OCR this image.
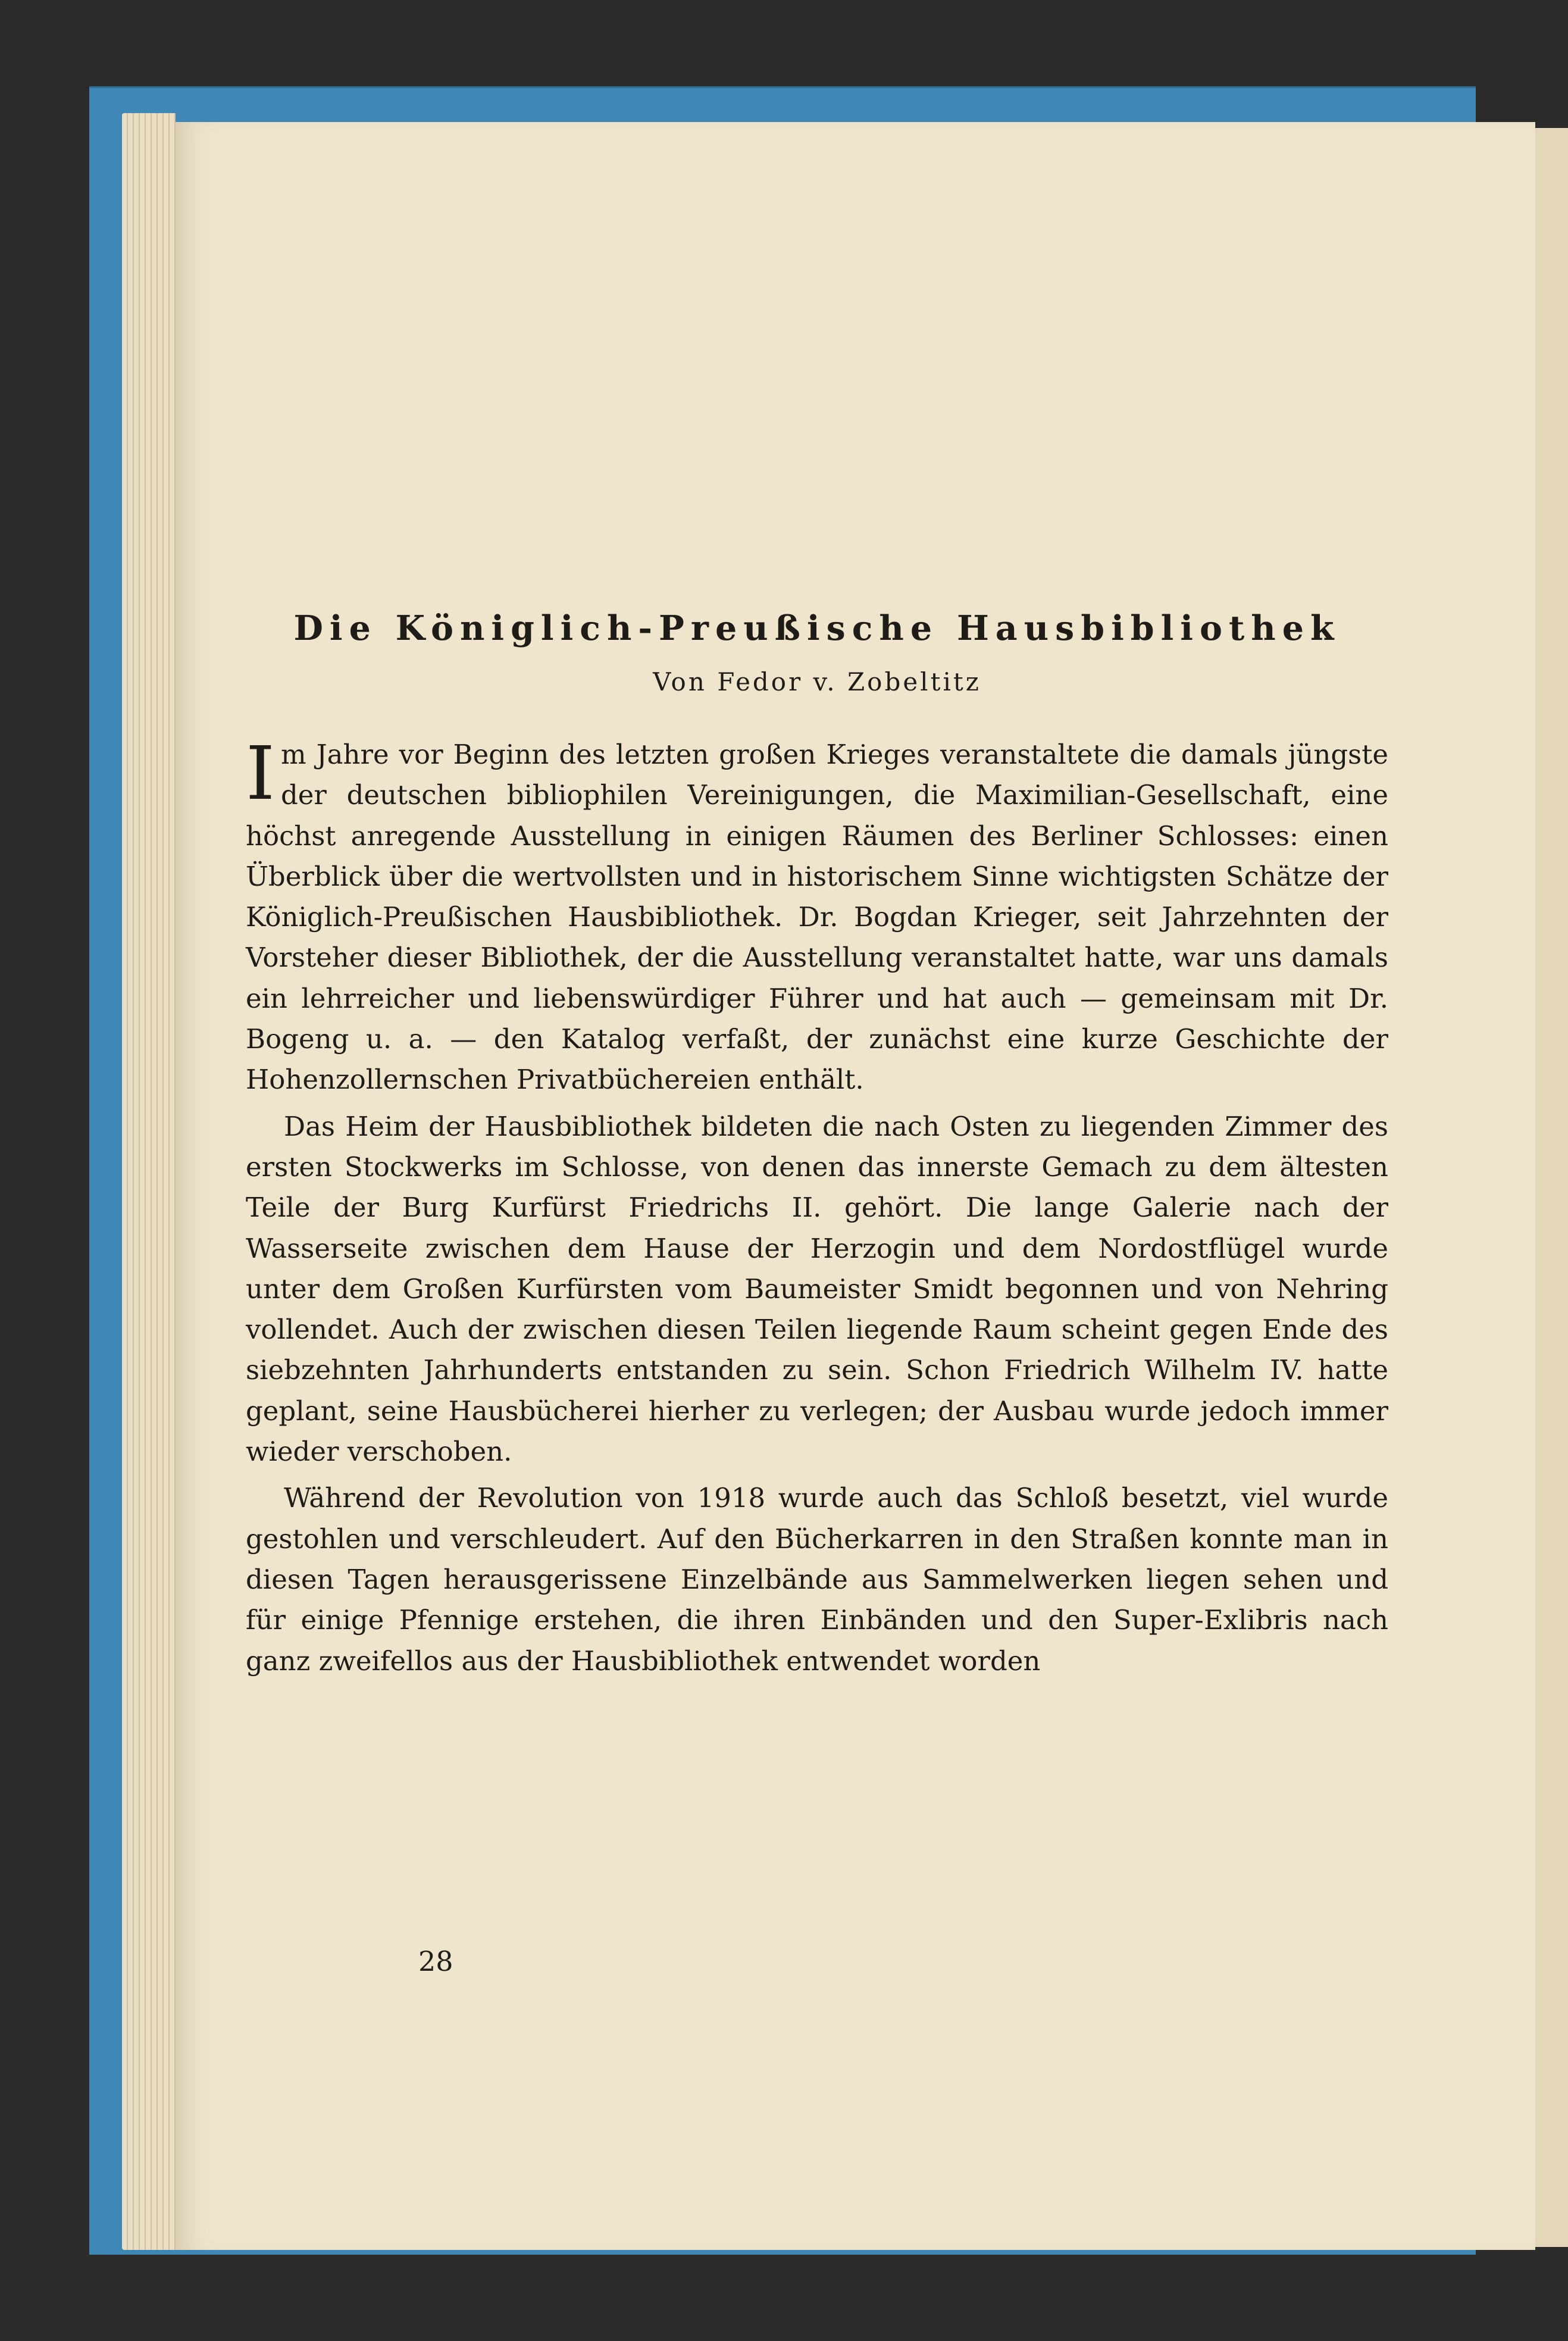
Die Königlich-Preußische Hausbibliothek

Von Fedor v. Zobeltitz

I m Jahre vor Beginn des letzten großen Krieges veranstaltete die damals jüngste der deutschen bibliophilen Vereinigungen, die Maximilian-Gesellschaft, eine höchst anregende Ausstellung in einigen Räumen des Berliner Schlosses: einen Überblick über die wertvollsten und in historischem Sinne wichtigsten Schätze der Königlich-Preußischen Hausbibliothek. Dr. Bogdan Krieger, seit Jahrzehnten der Vorsteher dieser Bibliothek, der die Ausstellung veranstaltet hatte, war uns damals ein lehrreicher und liebenswürdiger Führer und hat auch — gemeinsam mit Dr. Bogeng u. a. — den Katalog verfaßt, der zunächst eine kurze Geschichte der Hohenzollernschen Privatbüchereien enthält.

Das Heim der Hausbibliothek bildeten die nach Osten zu liegenden Zimmer des ersten Stockwerks im Schlosse, von denen das innerste Gemach zu dem ältesten Teile der Burg Kurfürst Friedrichs II. gehört. Die lange Galerie nach der Wasserseite zwischen dem Hause der Herzogin und dem Nordostflügel wurde unter dem Großen Kurfürsten vom Baumeister Smidt begonnen und von Nehring vollendet. Auch der zwischen diesen Teilen liegende Raum scheint gegen Ende des siebzehnten Jahrhunderts entstanden zu sein. Schon Friedrich Wilhelm IV. hatte geplant, seine Hausbücherei hierher zu verlegen; der Ausbau wurde jedoch immer wieder verschoben.

Während der Revolution von 1918 wurde auch das Schloß besetzt, viel wurde gestohlen und verschleudert. Auf den Bücherkarren in den Straßen konnte man in diesen Tagen herausgerissene Einzelbände aus Sammelwerken liegen sehen und für einige Pfennige erstehen, die ihren Einbänden und den Super-Exlibris nach ganz zweifellos aus der Hausbibliothek entwendet worden

28
